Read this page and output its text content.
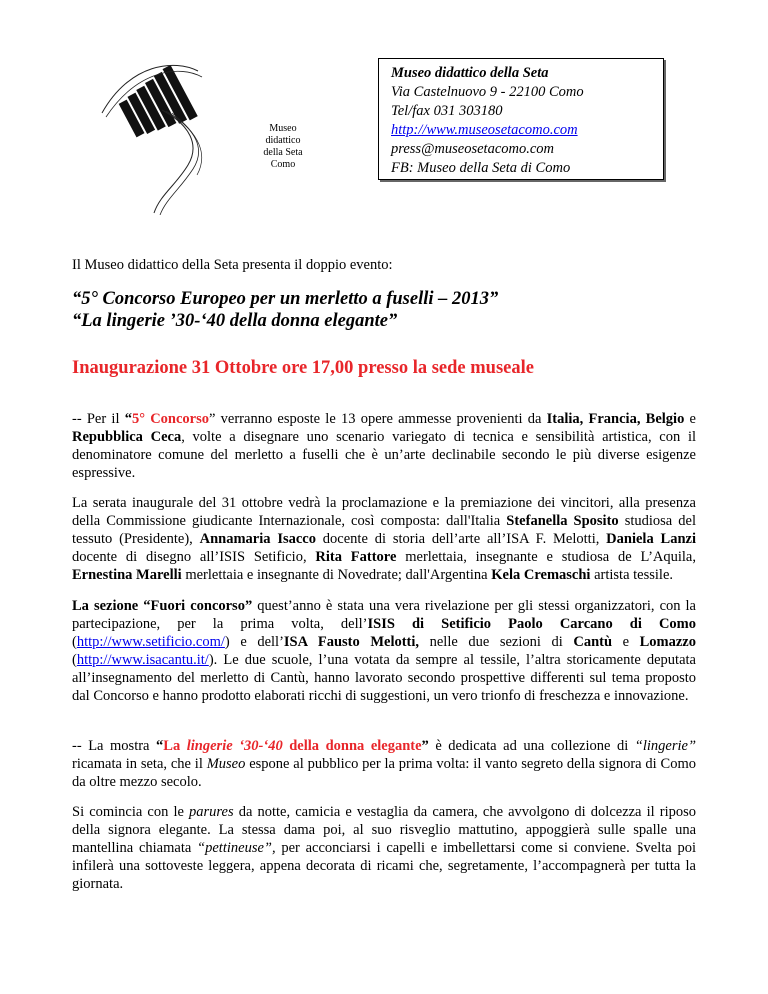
Museo
didattico
della Seta
Como
Museo didattico della Seta
Via Castelnuovo 9 - 22100 Como
Tel/fax 031 303180
http://www.museosetacomo.com
press@museosetacomo.com
FB: Museo della Seta di Como
Il Museo didattico della Seta presenta il doppio evento:
“5° Concorso Europeo per un merletto a fuselli – 2013”
“La lingerie ’30-‘40 della donna elegante”
Inaugurazione 31 Ottobre ore 17,00 presso la sede museale
-- Per il “5° Concorso” verranno esposte le 13 opere ammesse provenienti da Italia, Francia, Belgio e Repubblica Ceca, volte a disegnare uno scenario variegato di tecnica e sensibilità artistica, con il denominatore comune del merletto a fuselli che è un’arte declinabile secondo le più diverse esigenze espressive.
La serata inaugurale del 31 ottobre vedrà la proclamazione e la premiazione dei vincitori, alla presenza della Commissione giudicante Internazionale, così composta: dall'Italia Stefanella Sposito studiosa del tessuto (Presidente), Annamaria Isacco docente di storia dell’arte all’ISA F. Melotti, Daniela Lanzi docente di disegno all’ISIS Setificio, Rita Fattore merlettaia, insegnante e studiosa de L’Aquila, Ernestina Marelli merlettaia e insegnante di Novedrate; dall'Argentina Kela Cremaschi artista tessile.
La sezione “Fuori concorso” quest’anno è stata una vera rivelazione per gli stessi organizzatori, con la partecipazione, per la prima volta, dell’ISIS di Setificio Paolo Carcano di Como (http://www.setificio.com/) e dell’ISA Fausto Melotti, nelle due sezioni di Cantù e Lomazzo (http://www.isacantu.it/). Le due scuole, l’una votata da sempre al tessile, l’altra storicamente deputata all’insegnamento del merletto di Cantù, hanno lavorato secondo prospettive differenti sul tema proposto dal Concorso e hanno prodotto elaborati ricchi di suggestioni, un vero trionfo di freschezza e innovazione.
-- La mostra “La lingerie ‘30-‘40 della donna elegante” è dedicata ad una collezione di “lingerie” ricamata in seta, che il Museo espone al pubblico per la prima volta: il vanto segreto della signora di Como da oltre mezzo secolo.
Si comincia con le parures da notte, camicia e vestaglia da camera, che avvolgono di dolcezza il riposo della signora elegante. La stessa dama poi, al suo risveglio mattutino, appoggierà sulle spalle una mantellina chiamata “pettineuse”, per acconciarsi i capelli e imbellettarsi come si conviene. Svelta poi infilerà una sottoveste leggera, appena decorata di ricami che, segretamente, l’accompagnerà per tutta la giornata.
